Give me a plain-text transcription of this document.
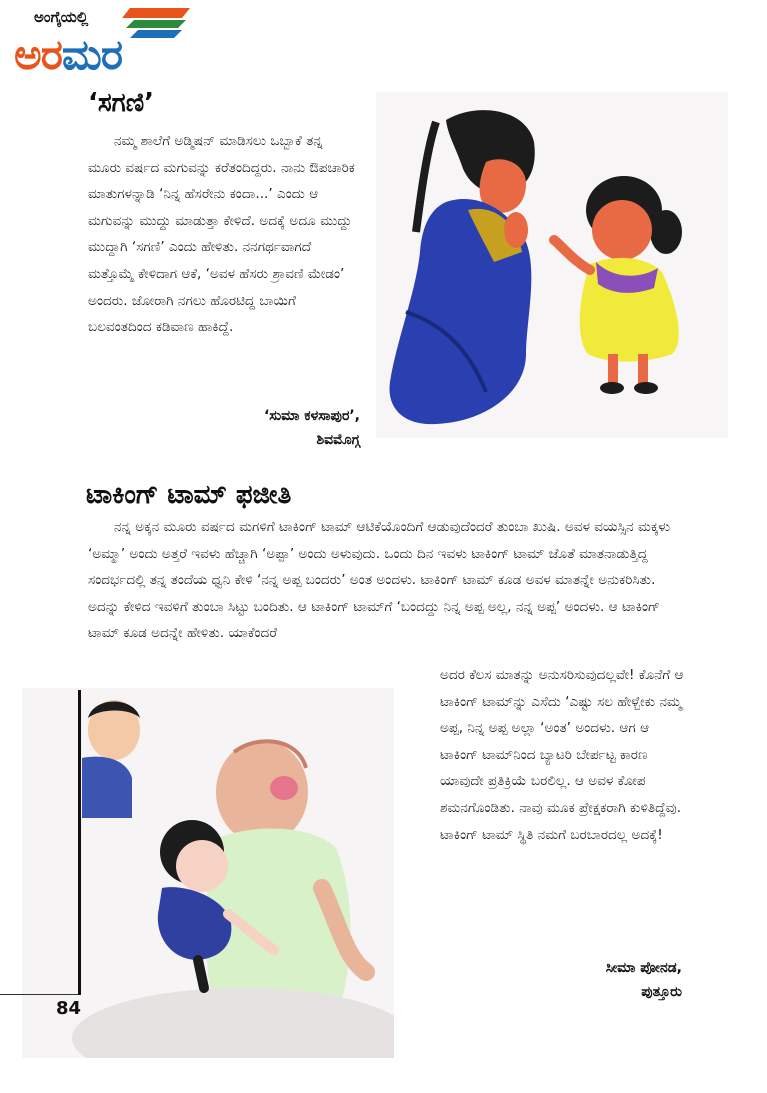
ಅಂಗೈಯಲ್ಲಿ
ಅರಮರ
‘ಸಗಣಿ’

ನಮ್ಮ ಶಾಲೆಗೆ ಅಡ್ಮಿಷನ್ ಮಾಡಿಸಲು ಒಬ್ಬಾಕೆ ತನ್ನ ಮೂರು ವರ್ಷದ ಮಗುವನ್ನು ಕರೆತಂದಿದ್ದರು. ನಾನು ಔಪಚಾರಿಕ ಮಾತುಗಳನ್ನಾಡಿ ‘ನಿನ್ನ ಹೆಸರೇನು ಕಂದಾ...’ ಎಂದು ಆ ಮಗುವನ್ನು ಮುದ್ದು ಮಾಡುತ್ತಾ ಕೇಳಿದೆ. ಅದಕ್ಕೆ ಅದೂ ಮುದ್ದು ಮುದ್ದಾಗಿ ‘ಸಗಣಿ’ ಎಂದು ಹೇಳಿತು. ನನಗರ್ಥವಾಗದೆ ಮತ್ತೊಮ್ಮೆ ಕೇಳಿದಾಗ ಆಕೆ, ‘ಅವಳ ಹೆಸರು ಶ್ರಾವಣಿ ಮೇಡಂ’ ಅಂದರು. ಜೋರಾಗಿ ನಗಲು ಹೊರಟಿದ್ದ ಬಾಯಿಗೆ ಬಲವಂತದಿಂದ ಕಡಿವಾಣ ಹಾಕಿದ್ದೆ.

‘ಸುಮಾ ಕಳಸಾಪುರ’,
ಶಿವಮೊಗ್ಗ
ಟಾಕಿಂಗ್ ಟಾಮ್ ಫಜೀತಿ

ನನ್ನ ಅಕ್ಕನ ಮೂರು ವರ್ಷದ ಮಗಳಿಗೆ ಟಾಕಿಂಗ್ ಟಾಮ್ ಆಟಿಕೆಯೊಂದಿಗೆ ಆಡುವುದೆಂದರೆ ತುಂಬಾ ಖುಷಿ. ಅವಳ ವಯಸ್ಸಿನ ಮಕ್ಕಳು ‘ಅಮ್ಮಾ’ ಅಂದು ಅತ್ತರೆ ಇವಳು ಹೆಚ್ಚಾಗಿ ‘ಅಪ್ಪಾ’ ಅಂದು ಅಳುವುದು. ಒಂದು ದಿನ ಇವಳು ಟಾಕಿಂಗ್ ಟಾಮ್ ಜೊತೆ ಮಾತನಾಡುತ್ತಿದ್ದ ಸಂದರ್ಭದಲ್ಲಿ ತನ್ನ ತಂದೆಯ ಧ್ವನಿ ಕೇಳಿ ‘ನನ್ನ ಅಪ್ಪ ಬಂದರು’ ಅಂತ ಅಂದಳು. ಟಾಕಿಂಗ್ ಟಾಮ್ ಕೂಡ ಅವಳ ಮಾತನ್ನೇ ಅನುಕರಿಸಿತು. ಅದನ್ನು ಕೇಳಿದ ಇವಳಿಗೆ ತುಂಬಾ ಸಿಟ್ಟು ಬಂದಿತು. ಆ ಟಾಕಿಂಗ್ ಟಾಮ್‌ಗೆ ‘ಬಂದದ್ದು ನಿನ್ನ ಅಪ್ಪ ಅಲ್ಲ, ನನ್ನ ಅಪ್ಪ’ ಅಂದಳು. ಆ ಟಾಕಿಂಗ್ ಟಾಮ್ ಕೂಡ ಅದನ್ನೇ ಹೇಳಿತು. ಯಾಕೆಂದರೆ

ಅದರ ಕೆಲಸ ಮಾತನ್ನು ಅನುಸರಿಸುವುದಲ್ಲವೇ! ಕೊನೆಗೆ ಆ ಟಾಕಿಂಗ್ ಟಾಮ್‌ನ್ನು ಎಸೆದು ‘ಎಷ್ಟು ಸಲ ಹೇಳ್ಬೇಕು ನಮ್ಮ ಅಪ್ಪ, ನಿನ್ನ ಅಪ್ಪ ಅಲ್ಲಾ ‘ಅಂತ’ ಅಂದಳು. ಆಗ ಆ ಟಾಕಿಂಗ್ ಟಾಮ್‌ನಿಂದ ಬ್ಯಾಟರಿ ಬೇರ್ಪಟ್ಟ ಕಾರಣ ಯಾವುದೇ ಪ್ರತಿಕ್ರಿಯೆ ಬರಲಿಲ್ಲ. ಆ ಅವಳ ಕೋಪ ಶಮನಗೊಂಡಿತು. ನಾವು ಮೂಕ ಪ್ರೇಕ್ಷಕರಾಗಿ ಕುಳಿತಿದ್ದೆವು. ಟಾಕಿಂಗ್ ಟಾಮ್ ಸ್ಥಿತಿ ನಮಗೆ ಬರಬಾರದಲ್ಲ ಅದಕ್ಕೆ!

ಸೀಮಾ ಪೋನಡ,
ಪುತ್ತೂರು
84
